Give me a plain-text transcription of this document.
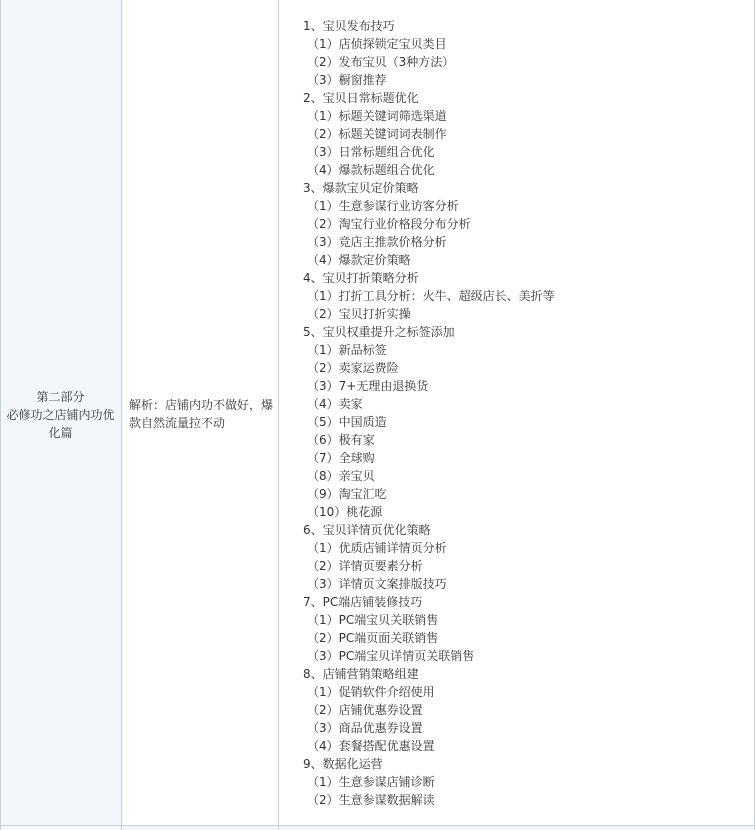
第二部分
必修功之店铺内功优化篇
解析：店铺内功不做好，爆款自然流量拉不动
1、宝贝发布技巧
（1）店侦探锁定宝贝类目
（2）发布宝贝（3种方法）
（3）橱窗推荐
2、宝贝日常标题优化
（1）标题关键词筛选渠道
（2）标题关键词词表制作
（3）日常标题组合优化
（4）爆款标题组合优化
3、爆款宝贝定价策略
（1）生意参谋行业访客分析
（2）淘宝行业价格段分布分析
（3）竞店主推款价格分析
（4）爆款定价策略
4、宝贝打折策略分析
（1）打折工具分析：火牛、超级店长、美折等
（2）宝贝打折实操
5、宝贝权重提升之标签添加
（1）新品标签
（2）卖家运费险
（3）7+无理由退换货
（4）卖家
（5）中国质造
（6）极有家
（7）全球购
（8）亲宝贝
（9）淘宝汇吃
（10）桃花源
6、宝贝详情页优化策略
（1）优质店铺详情页分析
（2）详情页要素分析
（3）详情页文案排版技巧
7、PC端店铺装修技巧
（1）PC端宝贝关联销售
（2）PC端页面关联销售
（3）PC端宝贝详情页关联销售
8、店铺营销策略组建
（1）促销软件介绍使用
（2）店铺优惠券设置
（3）商品优惠券设置
（4）套餐搭配优惠设置
9、数据化运营
（1）生意参谋店铺诊断
（2）生意参谋数据解读
